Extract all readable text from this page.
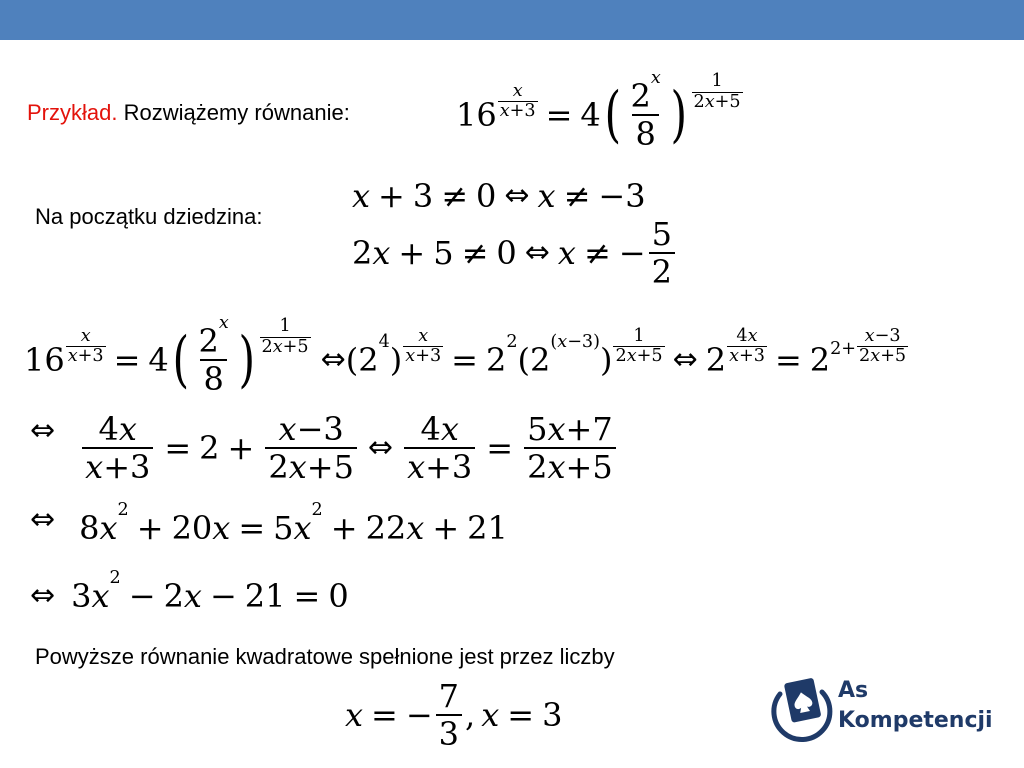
Przykład. Rozwiążemy równanie:	$16 \frac{x}{x+3} = 4$ ( $\frac{2x}{8}$ ) $\frac{1}{2x+5}$
Na początku dziedzina:
x + 3 ≠ 0 ⇔ x ≠ −3
2x + 5 ≠ 0 ⇔ x ≠ − $\frac{5}{2}$
$16 \frac{x}{x+3} = 4$ ( $\frac{2x}{8}$ ) $\frac{1}{2x+5}$
⇔ $(24) \frac{x}{x+3} = 22$ $(2(x-3)) \frac{1}{2x+5}$ ⇔ $2 \frac{4x}{x+3} = 2$ $2+ \frac{x-3}{2x+5}$
⇔ $\frac{4x}{x+3} = 2 + \frac{x-3}{2x+5}$ ⇔ $\frac{4x}{x+3} = \frac{5x+7}{2x+5}$
⇔ 8x2 + 20x = 5x2 + 22x + 21
⇔ 3x2 − 2x − 21 = 0
Powyższe równanie kwadratowe spełnione jest przez liczby
x = − $\frac{7}{3}$ , x = 3
As
Kompetencji
